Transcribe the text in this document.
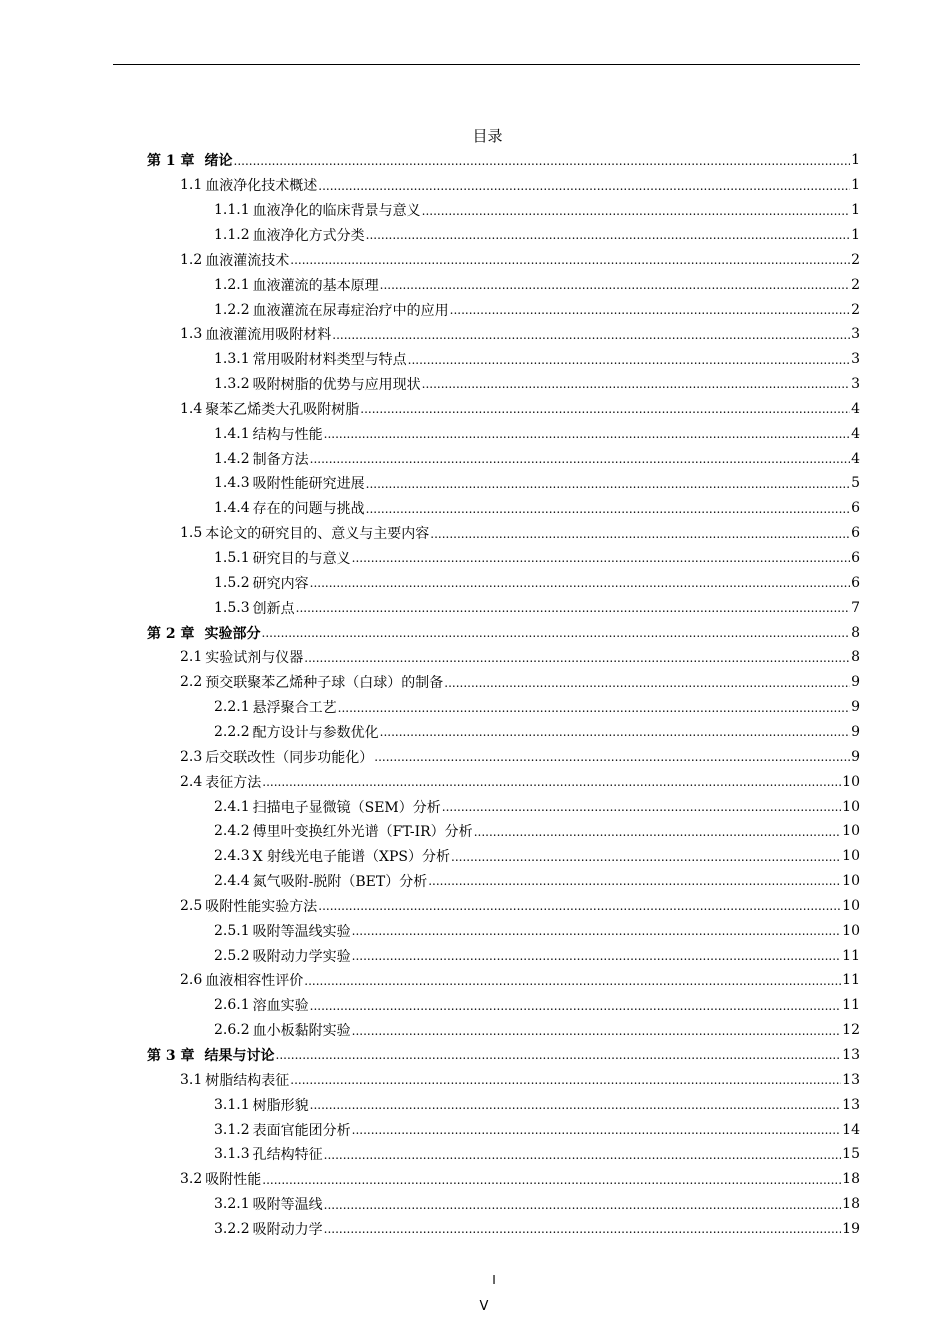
目录
第 1 章 绪论 .....	1
1.1 血液净化技术概述 .....	1
1.1.1 血液净化的临床背景与意义 .....	1
1.1.2 血液净化方式分类 .....	1
1.2 血液灌流技术 .....	2
1.2.1 血液灌流的基本原理 .....	2
1.2.2 血液灌流在尿毒症治疗中的应用 .....	2
1.3 血液灌流用吸附材料 .....	3
1.3.1 常用吸附材料类型与特点 .....	3
1.3.2 吸附树脂的优势与应用现状 .....	3
1.4 聚苯乙烯类大孔吸附树脂 .....	4
1.4.1 结构与性能 .....	4
1.4.2 制备方法 .....	4
1.4.3 吸附性能研究进展 .....	5
1.4.4 存在的问题与挑战 .....	6
1.5 本论文的研究目的、意义与主要内容 .....	6
1.5.1 研究目的与意义 .....	6
1.5.2 研究内容 .....	6
1.5.3 创新点 .....	7
第 2 章 实验部分 .....	8
2.1 实验试剂与仪器 .....	8
2.2 预交联聚苯乙烯种子球（白球）的制备 .....	9
2.2.1 悬浮聚合工艺 .....	9
2.2.2 配方设计与参数优化 .....	9
2.3 后交联改性（同步功能化） .....	9
2.4 表征方法 .....	10
2.4.1 扫描电子显微镜（SEM）分析 .....	10
2.4.2 傅里叶变换红外光谱（FT-IR）分析 .....	10
2.4.3 X 射线光电子能谱（XPS）分析 .....	10
2.4.4 氮气吸附-脱附（BET）分析 .....	10
2.5 吸附性能实验方法 .....	10
2.5.1 吸附等温线实验 .....	10
2.5.2 吸附动力学实验 .....	11
2.6 血液相容性评价 .....	11
2.6.1 溶血实验 .....	11
2.6.2 血小板黏附实验 .....	12
第 3 章 结果与讨论 .....	13
3.1 树脂结构表征 .....	13
3.1.1 树脂形貌 .....	13
3.1.2 表面官能团分析 .....	14
3.1.3 孔结构特征 .....	15
3.2 吸附性能 .....	18
3.2.1 吸附等温线 .....	18
3.2.2 吸附动力学 .....	19
I
V
